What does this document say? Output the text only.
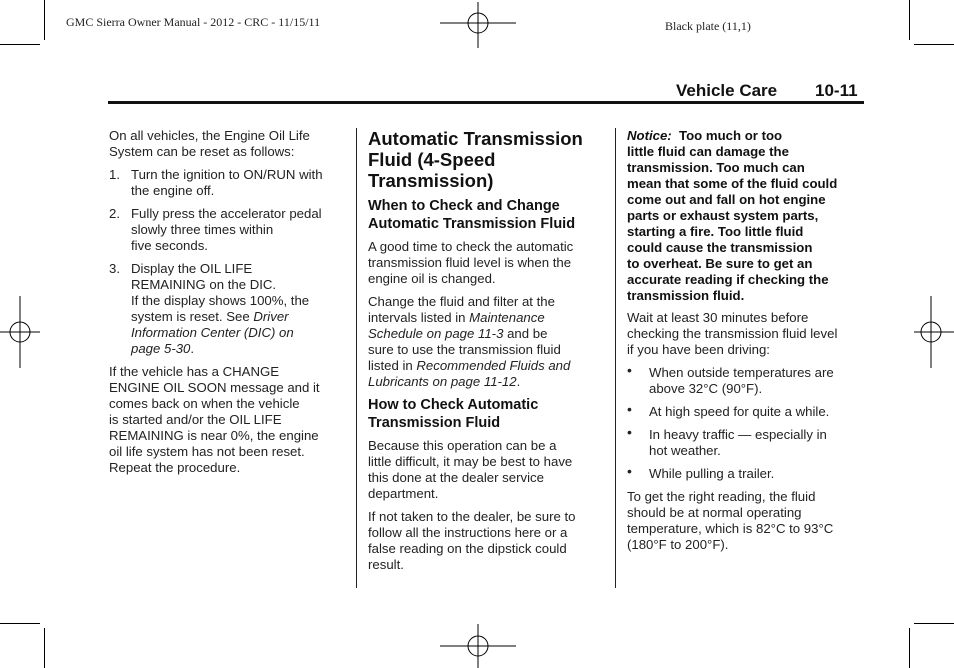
GMC Sierra Owner Manual - 2012 - CRC - 11/15/11	Black plate (11,1)
Vehicle Care 10-11

On all vehicles, the Engine Oil Life
System can be reset as follows:

1. Turn the ignition to ON/RUN with
the engine off.
2. Fully press the accelerator pedal
slowly three times within
five seconds.
3. Display the OIL LIFE
REMAINING on the DIC.
If the display shows 100%, the
system is reset. See Driver
Information Center (DIC) on
page 5-30.

If the vehicle has a CHANGE
ENGINE OIL SOON message and it
comes back on when the vehicle
is started and/or the OIL LIFE
REMAINING is near 0%, the engine
oil life system has not been reset.
Repeat the procedure.

Automatic Transmission
Fluid (4-Speed
Transmission)
When to Check and Change
Automatic Transmission Fluid

A good time to check the automatic
transmission fluid level is when the
engine oil is changed.

Change the fluid and filter at the
intervals listed in Maintenance
Schedule on page 11-3 and be
sure to use the transmission fluid
listed in Recommended Fluids and
Lubricants on page 11-12.

How to Check Automatic
Transmission Fluid

Because this operation can be a
little difficult, it may be best to have
this done at the dealer service
department.

If not taken to the dealer, be sure to
follow all the instructions here or a
false reading on the dipstick could
result.

Notice:  Too much or too
little fluid can damage the
transmission. Too much can
mean that some of the fluid could
come out and fall on hot engine
parts or exhaust system parts,
starting a fire. Too little fluid
could cause the transmission
to overheat. Be sure to get an
accurate reading if checking the
transmission fluid.

Wait at least 30 minutes before
checking the transmission fluid level
if you have been driving:

• When outside temperatures are
above 32°C (90°F).
• At high speed for quite a while.
• In heavy traffic — especially in
hot weather.
• While pulling a trailer.

To get the right reading, the fluid
should be at normal operating
temperature, which is 82°C to 93°C
(180°F to 200°F).
